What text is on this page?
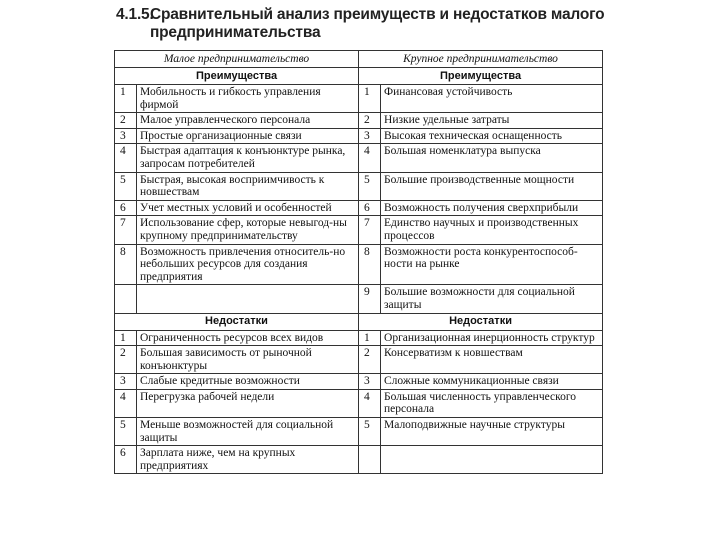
4.1.5.Сравнительный анализ преимуществ и недостатков малого
предпринимательства
Малое предпринимательство		Крупное предпринимательство	
Преимущества		Преимущества	
1	Мобильность и гибкость управления фирмой	1	Финансовая устойчивость
2	Малое управленческого персонала	2	Низкие удельные затраты
3	Простые организационные связи	3	Высокая техническая оснащенность
4	Быстрая адаптация к конъюнктуре рынка, запросам потребителей	4	Большая номенклатура выпуска
5	Быстрая, высокая восприимчивость к новшествам	5	Большие производственные мощности
6	Учет местных условий и особенностей	6	Возможность получения сверхприбыли
7	Использование сфер, которые невыгод-ны крупному предпринимательству	7	Единство научных и производственных процессов
8	Возможность привлечения относитель-но небольших ресурсов для создания предприятия	8	Возможности роста конкурентоспособ-ности на рынке
		9	Большие возможности для социальной защиты
Недостатки		Недостатки	
1	Ограниченность ресурсов всех видов	1	Организационная инерционность структур
2	Большая зависимость от рыночной конъюнктуры	2	Консерватизм к новшествам
3	Слабые кредитные возможности	3	Сложные коммуникационные связи
4	Перегрузка рабочей недели	4	Большая численность управленческого персонала
5	Меньше возможностей для социальной защиты	5	Малоподвижные научные структуры
6	Зарплата ниже, чем на крупных предприятиях		
